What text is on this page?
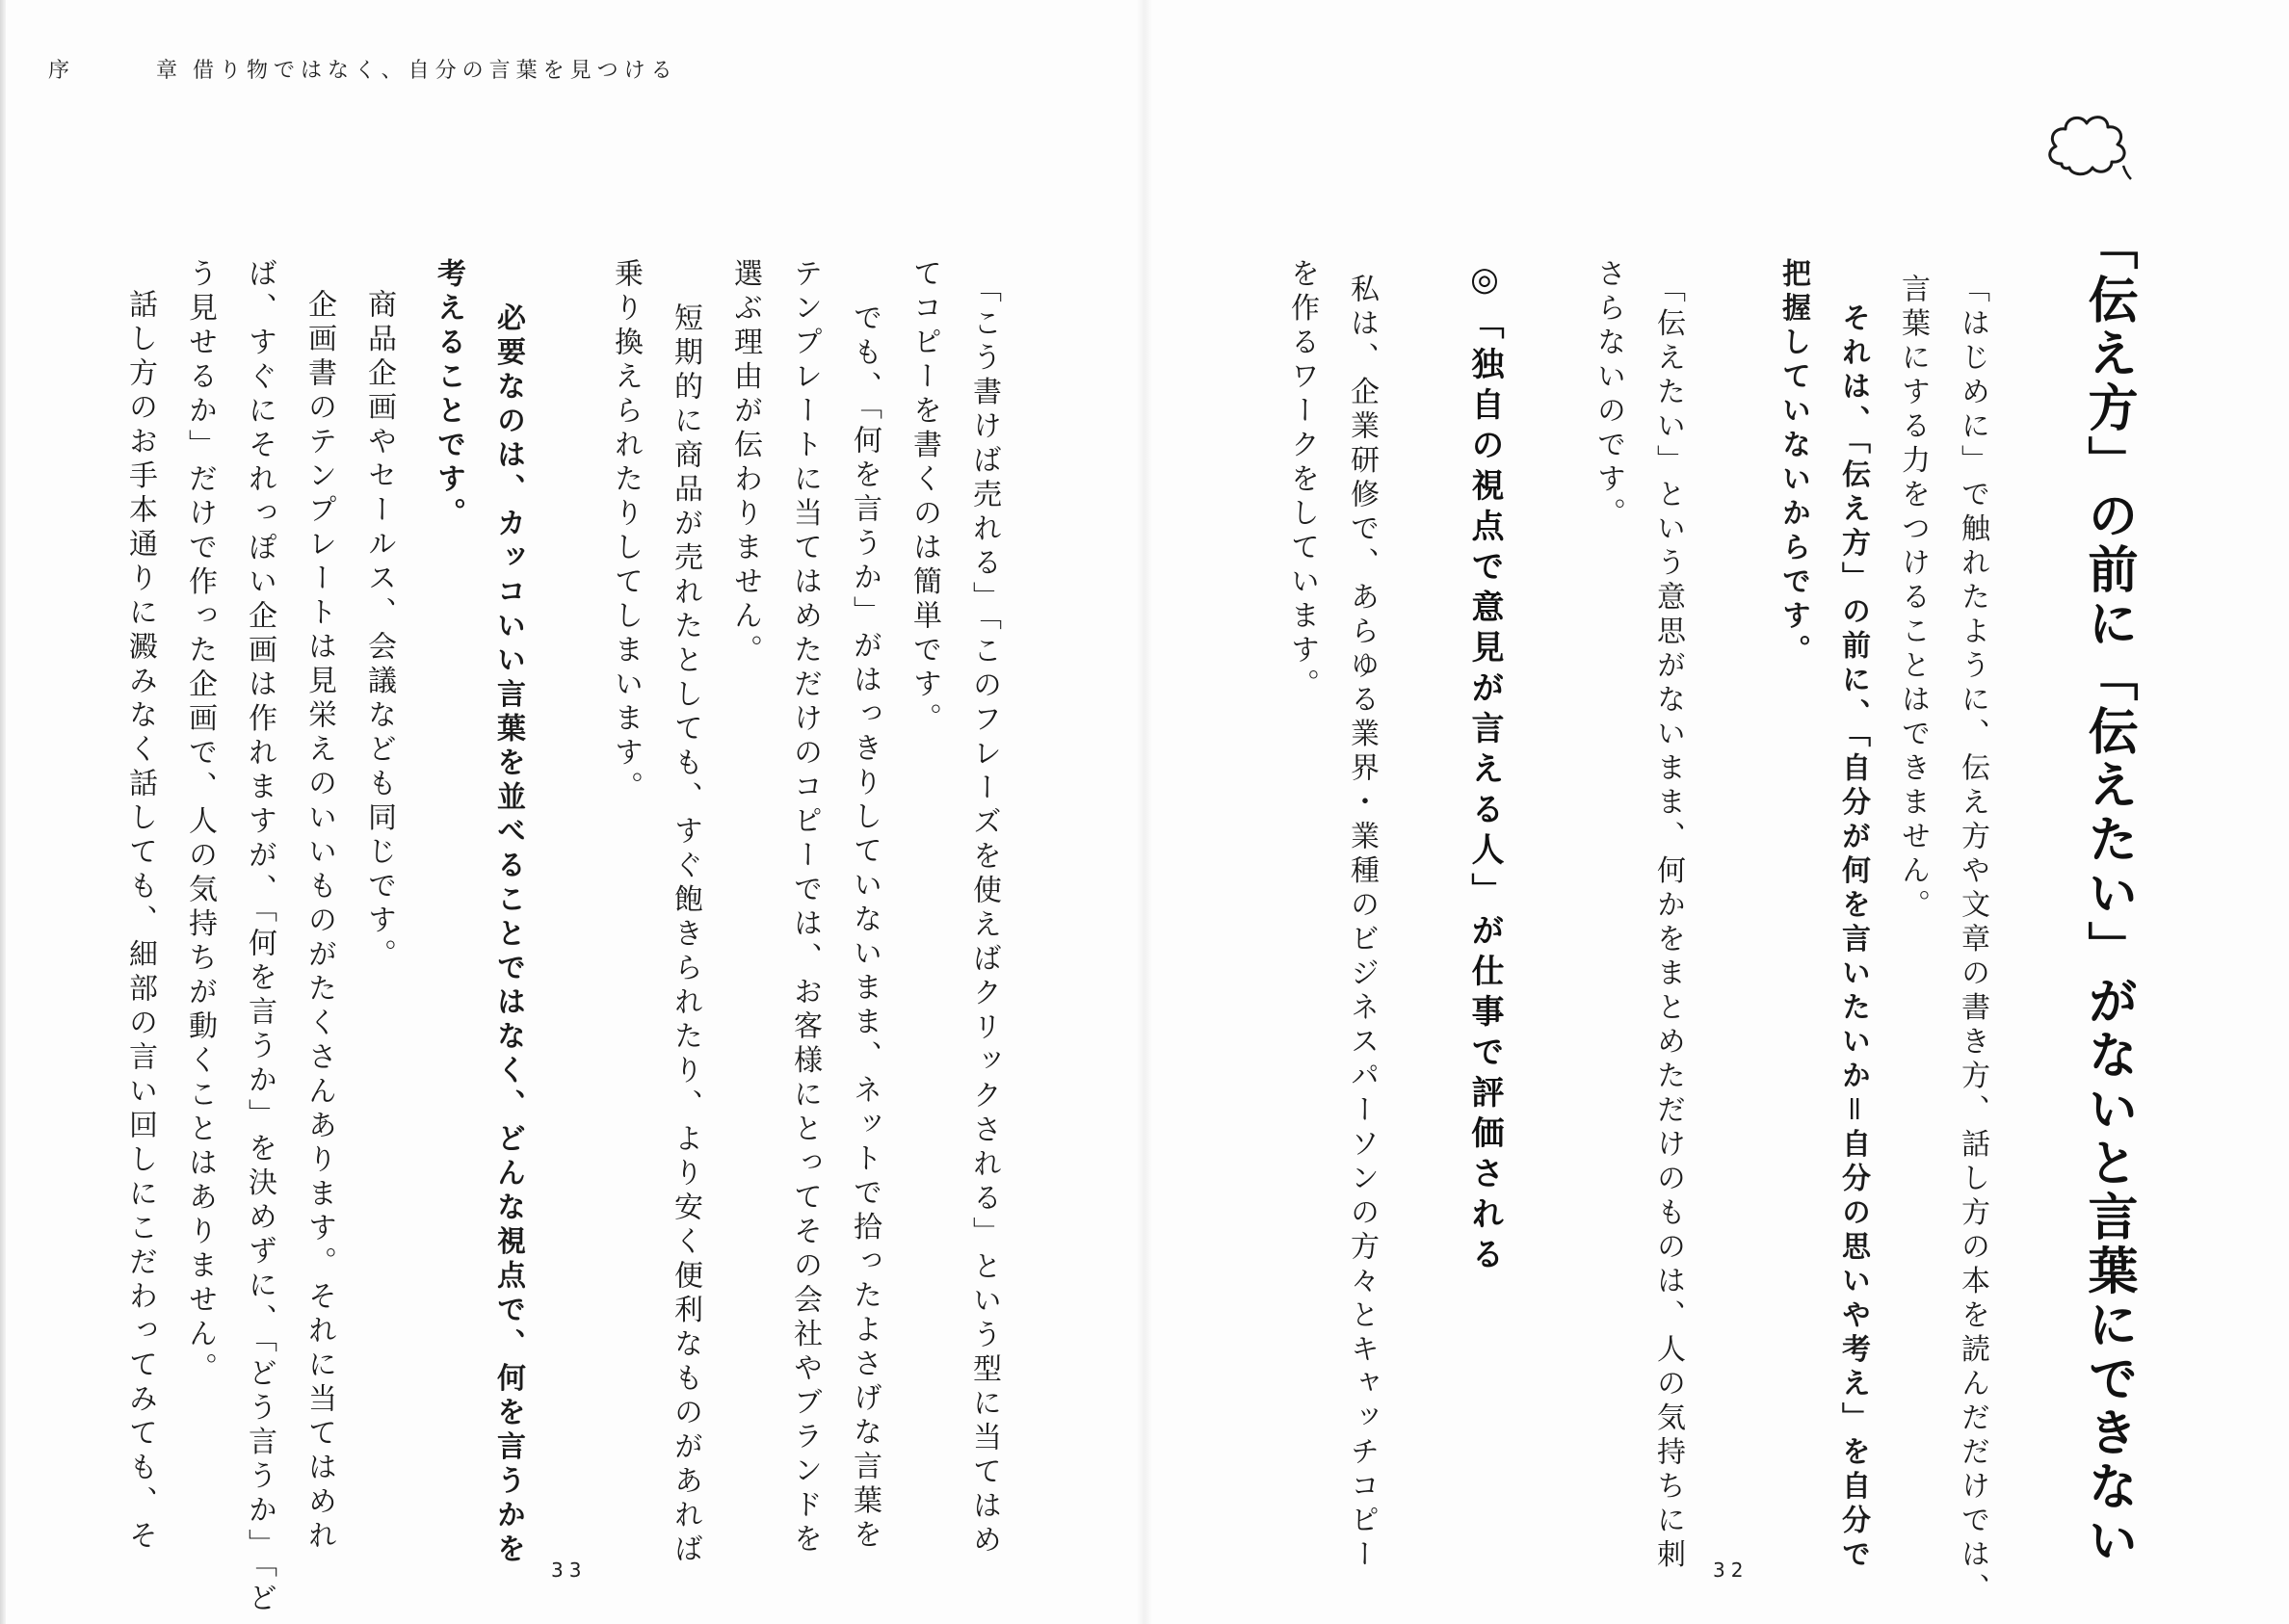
序	章 借り物ではなく、自分の言葉を見つける
「伝え方」の前に「伝えたい」がないと言葉にできない
「はじめに」で触れたように、伝え方や文章の書き方、話し方の本を読んだだけでは、
言葉にする力をつけることはできません。
それは、「伝え方」の前に、「自分が何を言いたいか＝自分の思いや考え」を自分で
把握していないからです。
「伝えたい」という意思がないまま、何かをまとめただけのものは、人の気持ちに刺
さらないのです。
◎「独自の視点で意見が言える人」が仕事で評価される
私は、企業研修で、あらゆる業界・業種のビジネスパーソンの方々とキャッチコピー
を作るワークをしています。
32
「こう書けば売れる」「このフレーズを使えばクリックされる」という型に当てはめ
てコピーを書くのは簡単です。
でも、「何を言うか」がはっきりしていないまま、ネットで拾ったよさげな言葉を
テンプレートに当てはめただけのコピーでは、お客様にとってその会社やブランドを
選ぶ理由が伝わりません。
短期的に商品が売れたとしても、すぐ飽きられたり、より安く便利なものがあれば
乗り換えられたりしてしまいます。
必要なのは、カッコいい言葉を並べることではなく、どんな視点で、何を言うかを
考えることです。
商品企画やセールス、会議なども同じです。
企画書のテンプレートは見栄えのいいものがたくさんあります。それに当てはめれ
ば、すぐにそれっぽい企画は作れますが、「何を言うか」を決めずに、「どう言うか」「ど
う見せるか」だけで作った企画で、人の気持ちが動くことはありません。
話し方のお手本通りに澱みなく話しても、細部の言い回しにこだわってみても、そ
33
